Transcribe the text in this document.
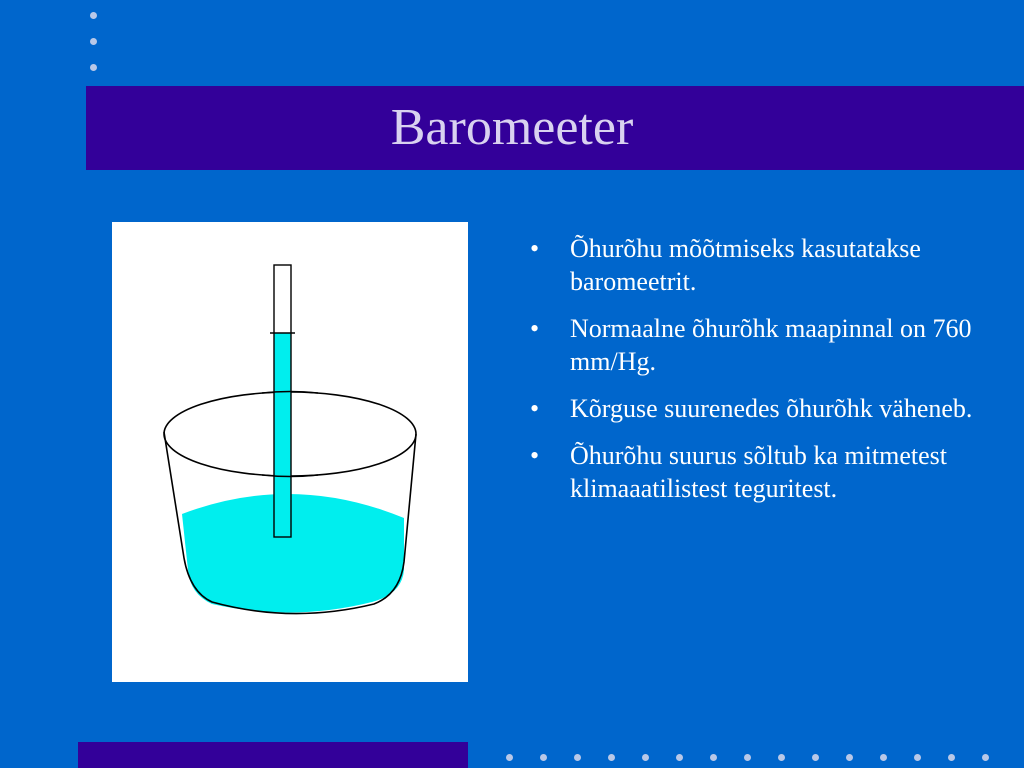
Baromeeter
•	Õhurõhu mõõtmiseks kasutatakse baromeetrit.
•	Normaalne õhurõhk maapinnal on 760 mm/Hg.
•	Kõrguse suurenedes õhurõhk väheneb.
•	Õhurõhu suurus sõltub ka mitmetest klimaaatilistest teguritest.
